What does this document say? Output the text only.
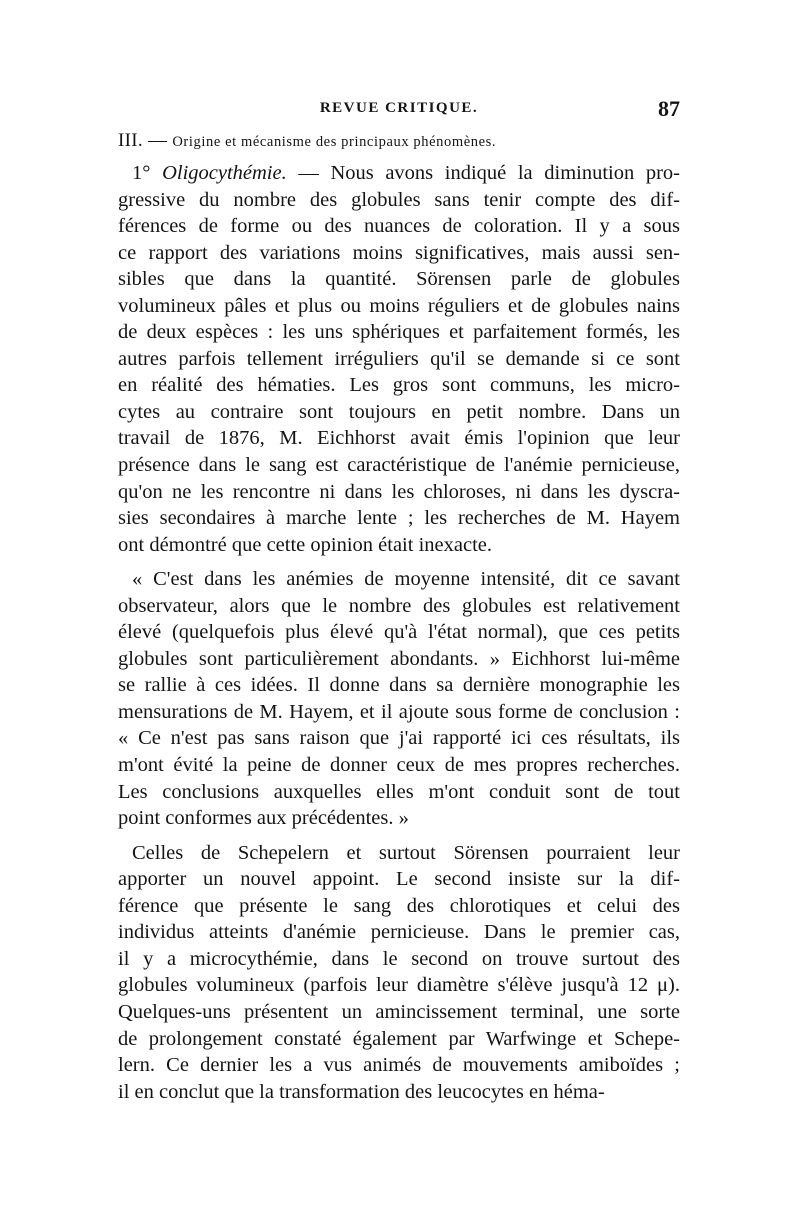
REVUE CRITIQUE.	87
III. — Origine et mécanisme des principaux phénomènes.
1° Oligocythémie. — Nous avons indiqué la diminution pro-
gressive du nombre des globules sans tenir compte des dif-
férences de forme ou des nuances de coloration. Il y a sous
ce rapport des variations moins significatives, mais aussi sen-
sibles que dans la quantité. Sörensen parle de globules
volumineux pâles et plus ou moins réguliers et de globules nains
de deux espèces : les uns sphériques et parfaitement formés, les
autres parfois tellement irréguliers qu'il se demande si ce sont
en réalité des hématies. Les gros sont communs, les micro-
cytes au contraire sont toujours en petit nombre. Dans un
travail de 1876, M. Eichhorst avait émis l'opinion que leur
présence dans le sang est caractéristique de l'anémie pernicieuse,
qu'on ne les rencontre ni dans les chloroses, ni dans les dyscra-
sies secondaires à marche lente ; les recherches de M. Hayem
ont démontré que cette opinion était inexacte.
« C'est dans les anémies de moyenne intensité, dit ce savant
observateur, alors que le nombre des globules est relativement
élevé (quelquefois plus élevé qu'à l'état normal), que ces petits
globules sont particulièrement abondants. » Eichhorst lui-même
se rallie à ces idées. Il donne dans sa dernière monographie les
mensurations de M. Hayem, et il ajoute sous forme de conclusion :
« Ce n'est pas sans raison que j'ai rapporté ici ces résultats, ils
m'ont évité la peine de donner ceux de mes propres recherches.
Les conclusions auxquelles elles m'ont conduit sont de tout
point conformes aux précédentes. »
Celles de Schepelern et surtout Sörensen pourraient leur
apporter un nouvel appoint. Le second insiste sur la dif-
férence que présente le sang des chlorotiques et celui des
individus atteints d'anémie pernicieuse. Dans le premier cas,
il y a microcythémie, dans le second on trouve surtout des
globules volumineux (parfois leur diamètre s'élève jusqu'à 12 μ).
Quelques-uns présentent un amincissement terminal, une sorte
de prolongement constaté également par Warfwinge et Schepe-
lern. Ce dernier les a vus animés de mouvements amiboïdes ;
il en conclut que la transformation des leucocytes en héma-
